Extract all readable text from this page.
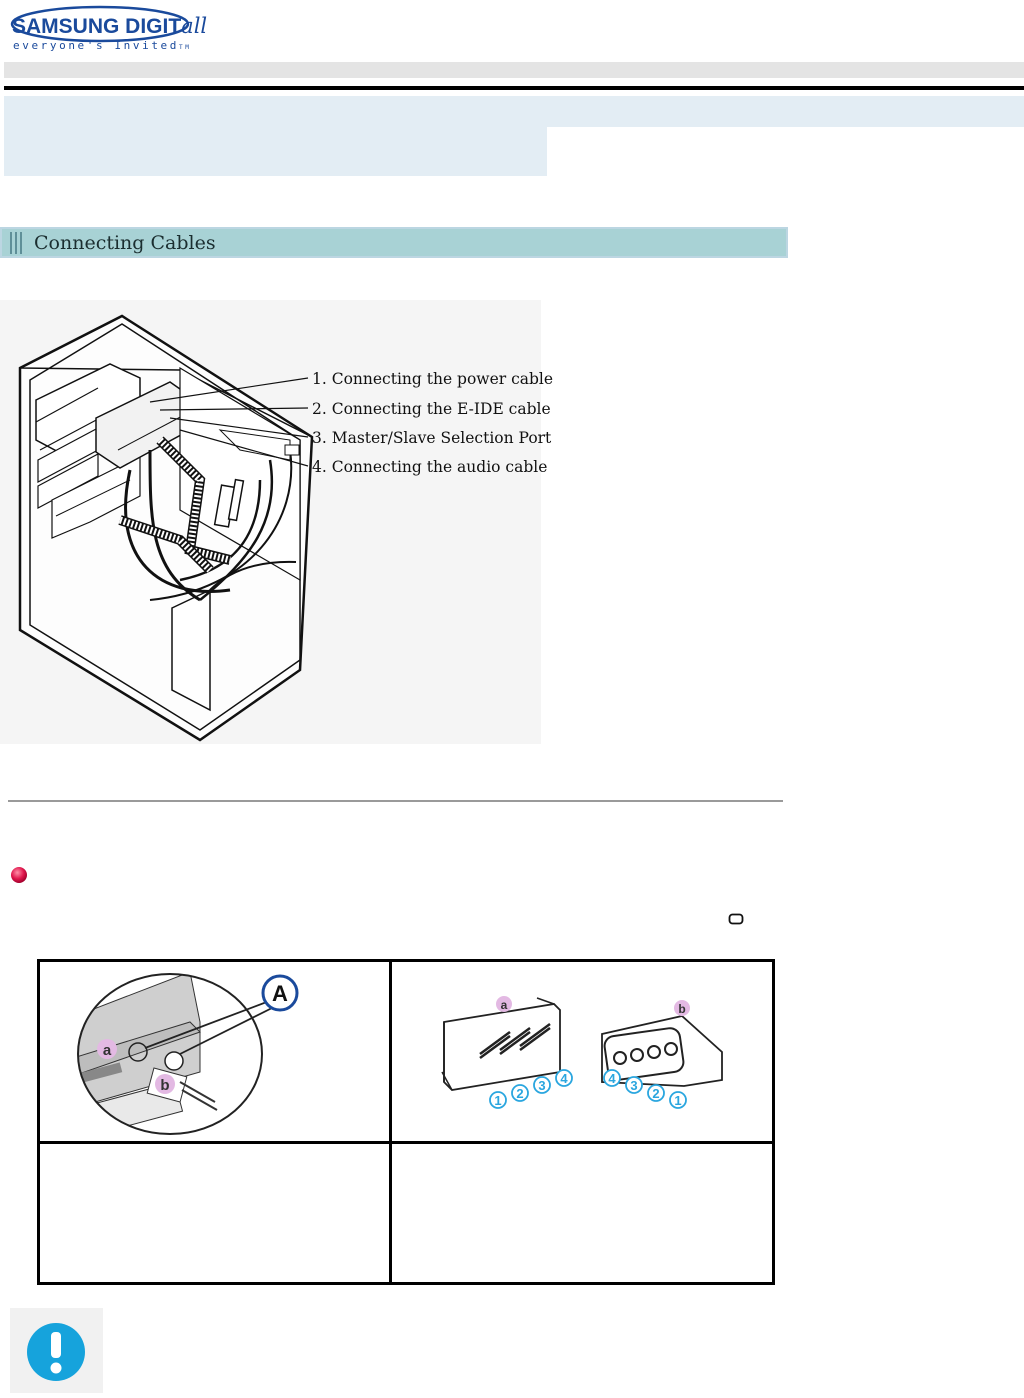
SAMSUNG DIGITall
everyone's InvitedTM
Connecting Cables
1. Connecting the power cable
2. Connecting the E-IDE cable
3. Master/Slave Selection Port
4. Connecting the audio cable
A
a
b
a	b
1 2
3 4	4 3
2 1
